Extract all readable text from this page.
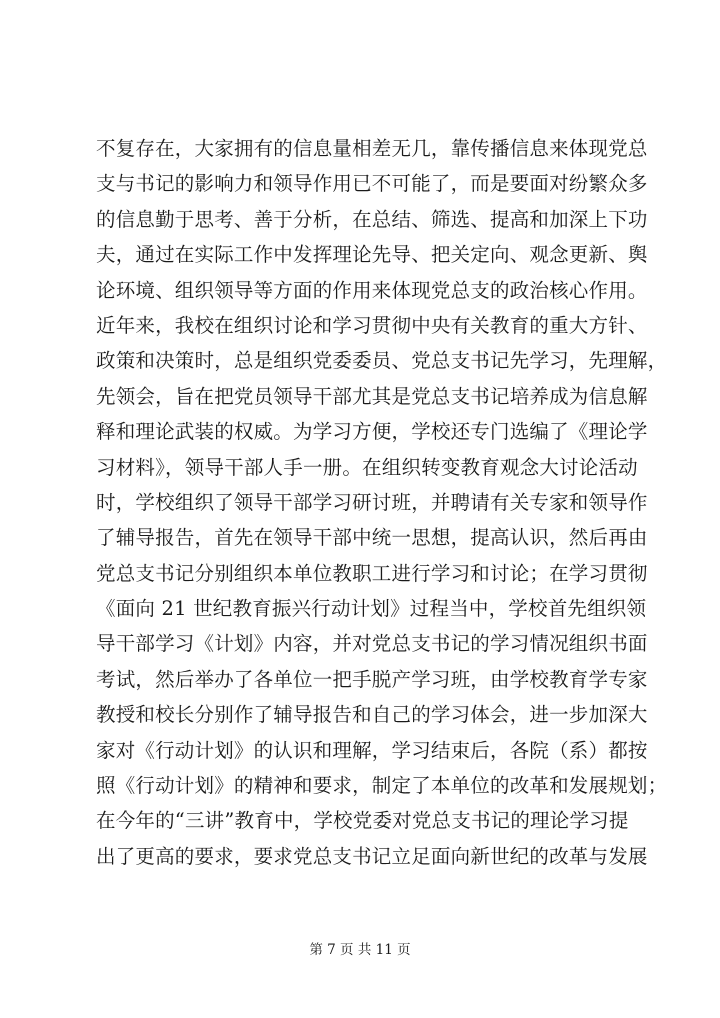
不复存在，大家拥有的信息量相差无几，靠传播信息来体现党总
支与书记的影响力和领导作用已不可能了，而是要面对纷繁众多
的信息勤于思考、善于分析，在总结、筛选、提高和加深上下功
夫，通过在实际工作中发挥理论先导、把关定向、观念更新、舆
论环境、组织领导等方面的作用来体现党总支的政治核心作用。
近年来，我校在组织讨论和学习贯彻中央有关教育的重大方针、
政策和决策时，总是组织党委委员、党总支书记先学习，先理解，
先领会，旨在把党员领导干部尤其是党总支书记培养成为信息解
释和理论武装的权威。为学习方便，学校还专门选编了《理论学
习材料》，领导干部人手一册。在组织转变教育观念大讨论活动
时，学校组织了领导干部学习研讨班，并聘请有关专家和领导作
了辅导报告，首先在领导干部中统一思想，提高认识，然后再由
党总支书记分别组织本单位教职工进行学习和讨论；在学习贯彻
《面向 21 世纪教育振兴行动计划》过程当中，学校首先组织领
导干部学习《计划》内容，并对党总支书记的学习情况组织书面
考试，然后举办了各单位一把手脱产学习班，由学校教育学专家
教授和校长分别作了辅导报告和自己的学习体会，进一步加深大
家对《行动计划》的认识和理解，学习结束后，各院（系）都按
照《行动计划》的精神和要求，制定了本单位的改革和发展规划；
在今年的“三讲”教育中，学校党委对党总支书记的理论学习提
出了更高的要求，要求党总支书记立足面向新世纪的改革与发展
第 7 页 共 11 页
